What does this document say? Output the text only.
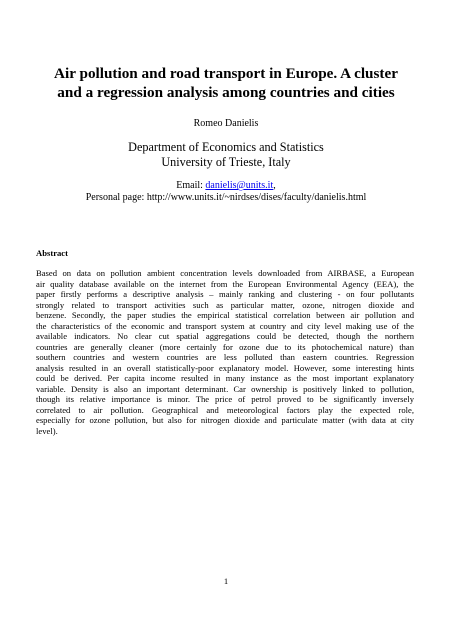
Air pollution and road transport in Europe. A cluster
and a regression analysis among countries and cities
Romeo Danielis
Department of Economics and Statistics
University of Trieste, Italy
Email: danielis@units.it,
Personal page: http://www.units.it/~nirdses/dises/faculty/danielis.html
Abstract
Based on data on pollution ambient concentration levels downloaded from AIRBASE, a European
air quality database available on the internet from the European Environmental Agency (EEA), the
paper firstly performs a descriptive analysis – mainly ranking and clustering - on four pollutants
strongly related to transport activities such as particular matter, ozone, nitrogen dioxide and
benzene. Secondly, the paper studies the empirical statistical correlation between air pollution and
the characteristics of the economic and transport system at country and city level making use of the
available indicators. No clear cut spatial aggregations could be detected, though the northern
countries are generally cleaner (more certainly for ozone due to its photochemical nature) than
southern countries and western countries are less polluted than eastern countries. Regression
analysis resulted in an overall statistically-poor explanatory model. However, some interesting hints
could be derived. Per capita income resulted in many instance as the most important explanatory
variable. Density is also an important determinant. Car ownership is positively linked to pollution,
though its relative importance is minor. The price of petrol proved to be significantly inversely
correlated to air pollution. Geographical and meteorological factors play the expected role,
especially for ozone pollution, but also for nitrogen dioxide and particulate matter (with data at city
level).
1
